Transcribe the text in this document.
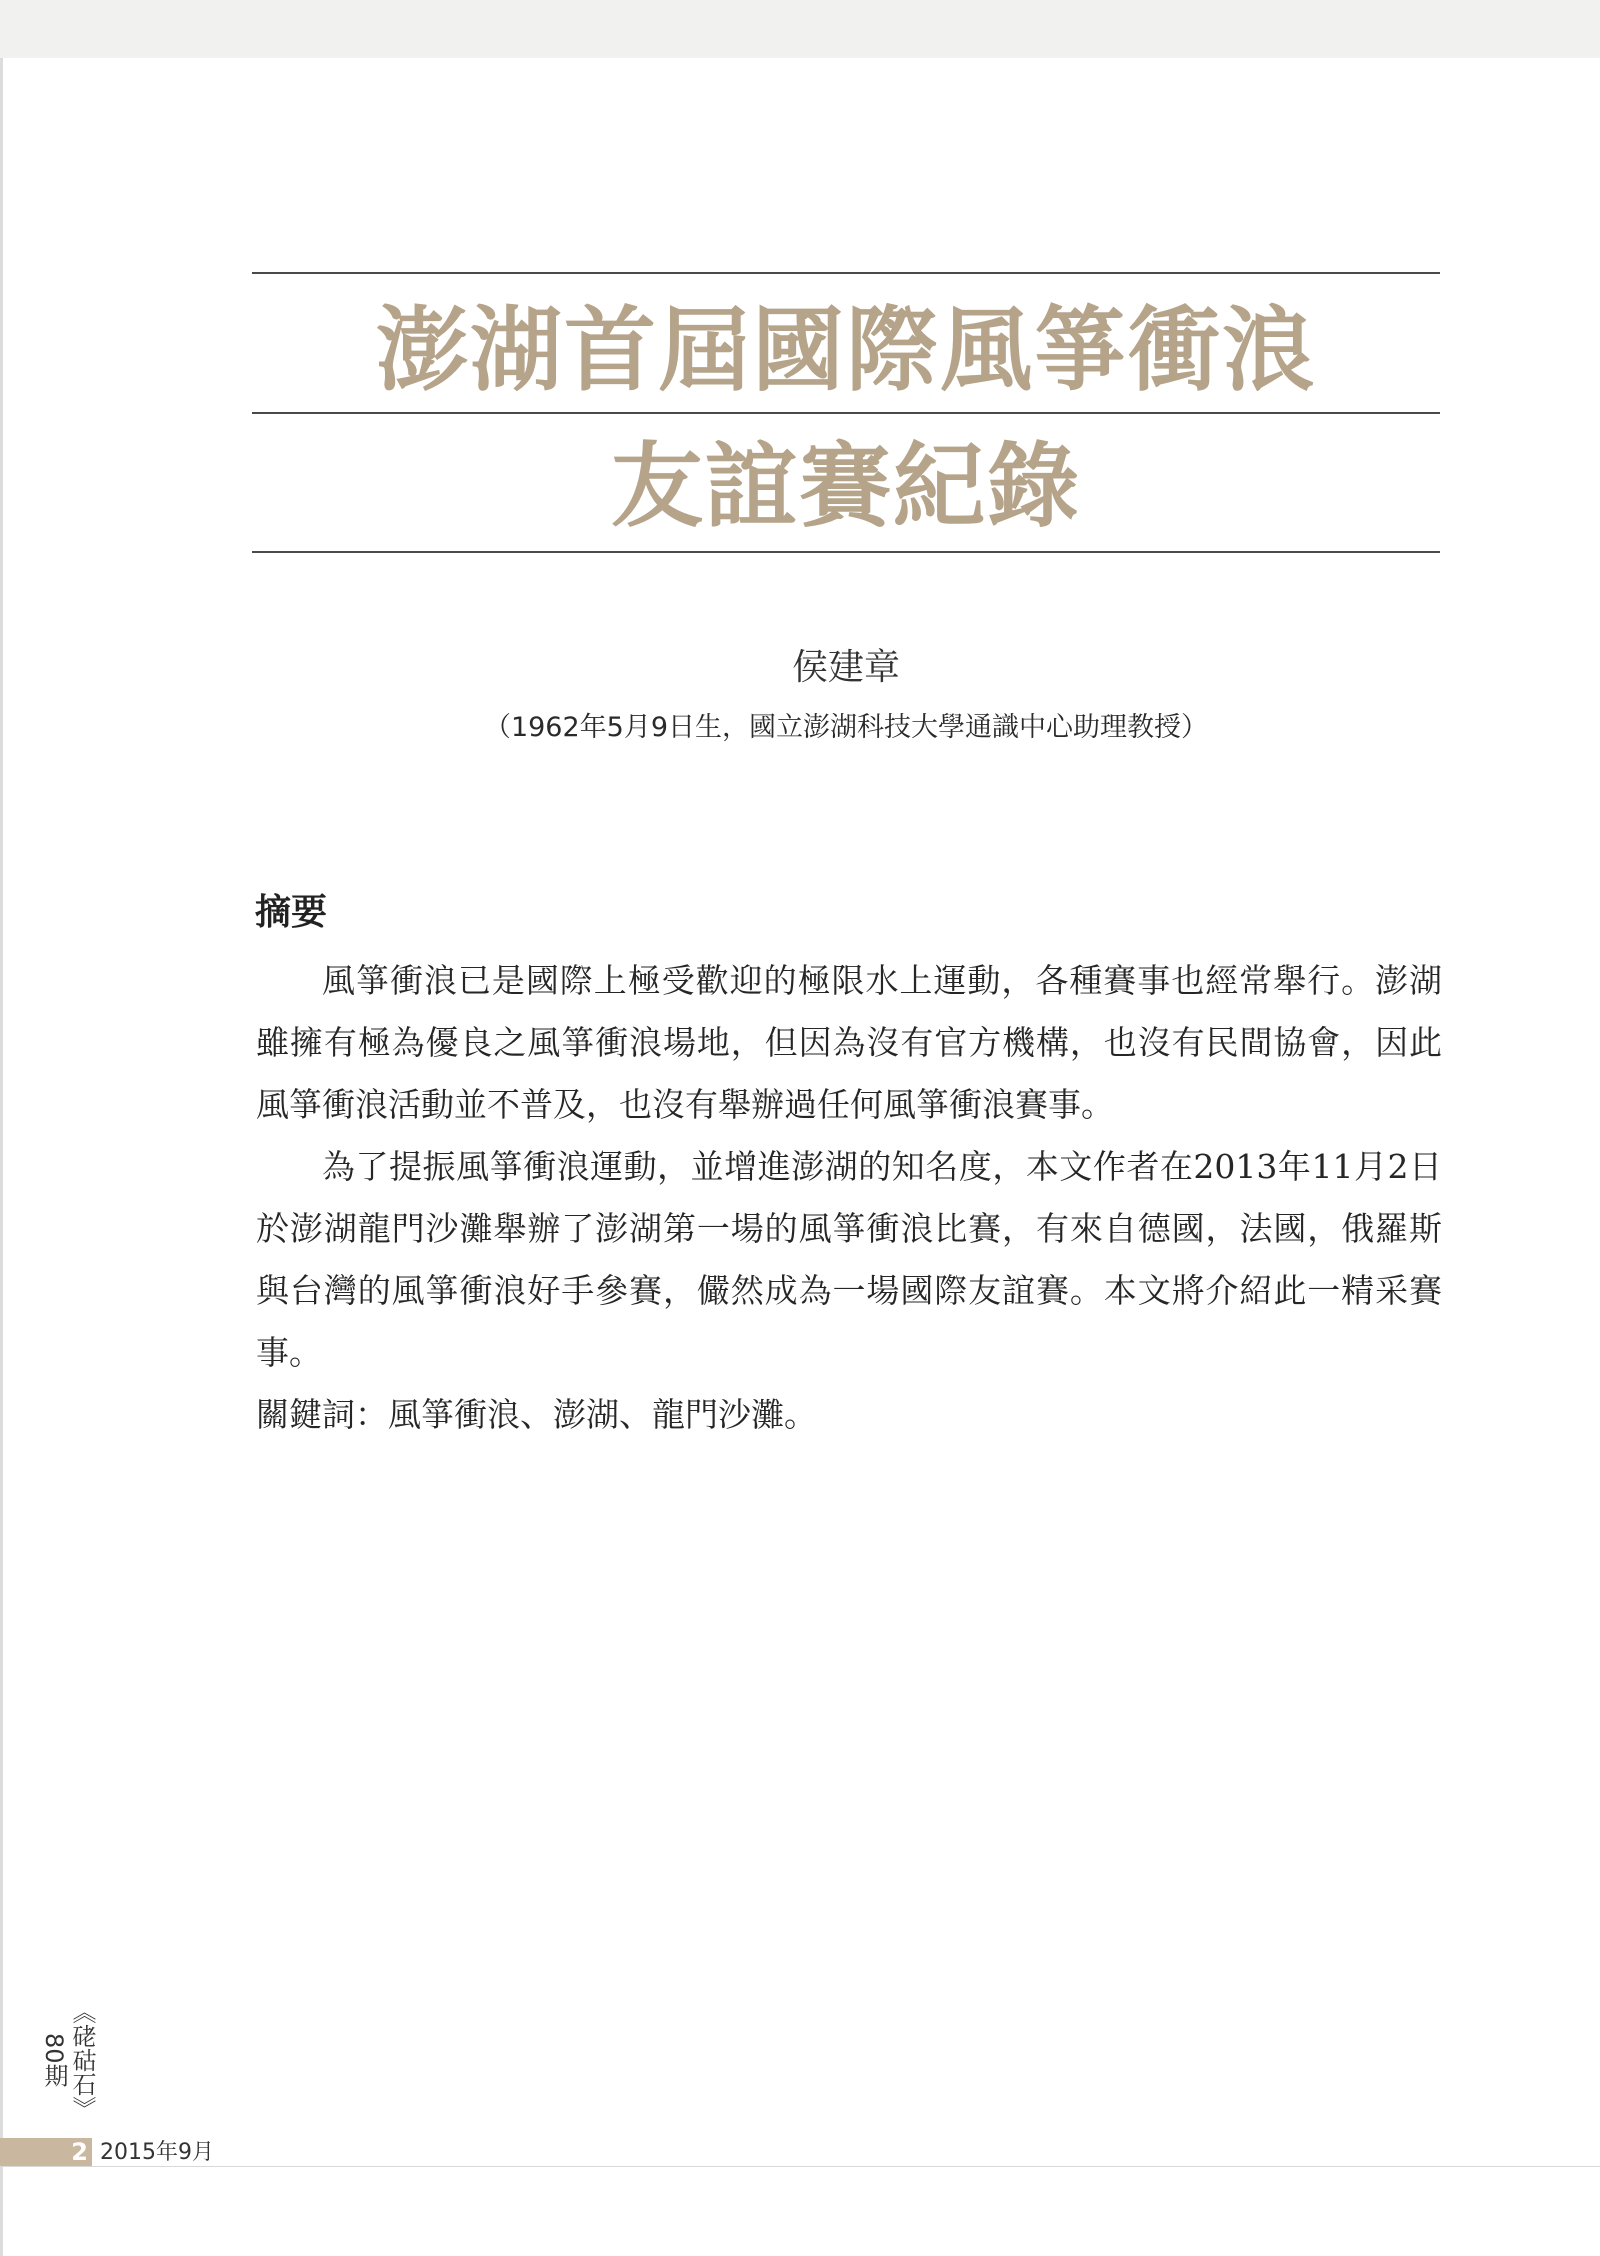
澎湖首屆國際風箏衝浪
友誼賽紀錄
侯建章
（1962年5月9日生，國立澎湖科技大學通識中心助理教授）
摘要

風箏衝浪已是國際上極受歡迎的極限水上運動，各種賽事也經常舉行。澎湖雖擁有極為優良之風箏衝浪場地，但因為沒有官方機構，也沒有民間協會，因此風箏衝浪活動並不普及，也沒有舉辦過任何風箏衝浪賽事。

為了提振風箏衝浪運動，並增進澎湖的知名度，本文作者在2013年11月2日於澎湖龍門沙灘舉辦了澎湖第一場的風箏衝浪比賽，有來自德國，法國，俄羅斯與台灣的風箏衝浪好手參賽，儼然成為一場國際友誼賽。本文將介紹此一精采賽事。

關鍵詞：風箏衝浪、澎湖、龍門沙灘。
《硓𥑮石》80期
2 2015年9月
